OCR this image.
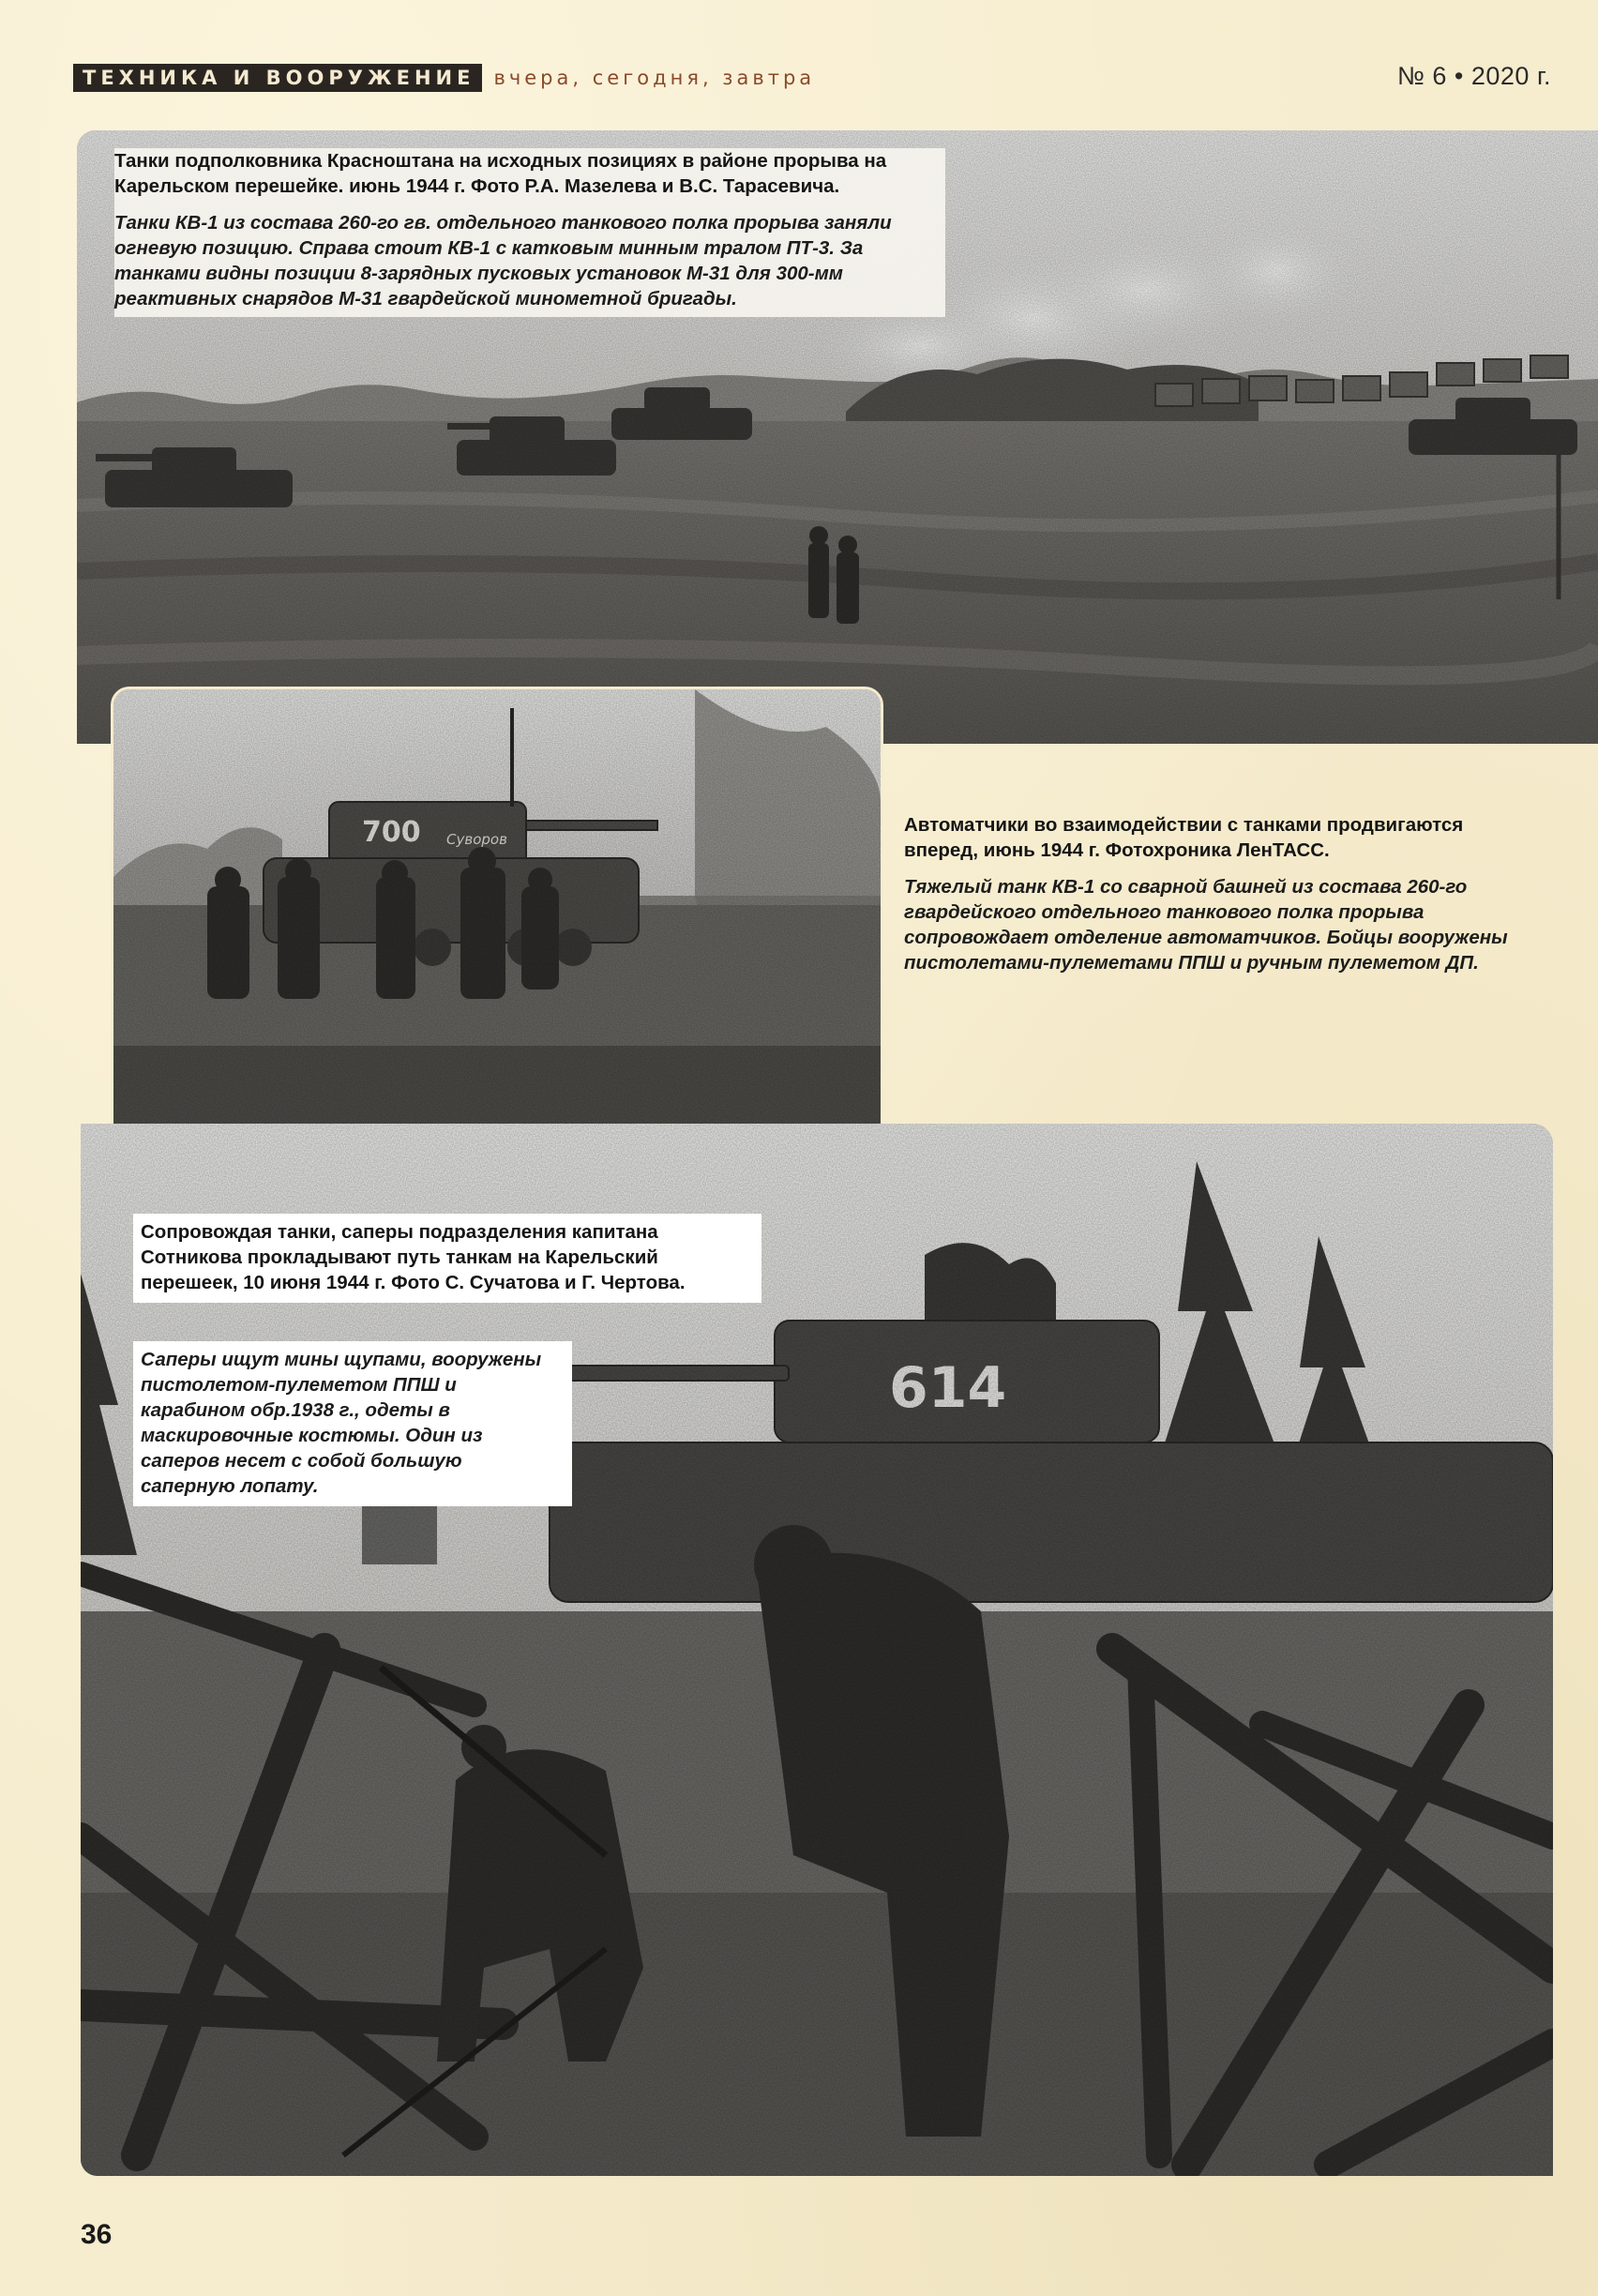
ТЕХНИКА И ВООРУЖЕНИЕ вчера, сегодня, завтра	№ 6 • 2020 г.

Танки подполковника Красноштана на исходных позициях в районе прорыва на Карельском перешейке. июнь 1944 г. Фото Р.А. Мазелева и В.С. Тарасевича.

Танки КВ-1 из состава 260-го гв. отдельного танкового полка прорыва заняли огневую позицию. Справа стоит КВ-1 с катковым минным тралом ПТ-3. За танками видны позиции 8-зарядных пусковых установок М-31 для 300-мм реактивных снарядов М-31 гвардейской минометной бригады.

Автоматчики во взаимодействии с танками продвигаются вперед, июнь 1944 г. Фотохроника ЛенТАСС.

Тяжелый танк КВ-1 со сварной башней из состава 260-го гвардейского отдельного танкового полка прорыва сопровождает отделение автоматчиков. Бойцы вооружены пистолетами-пулеметами ППШ и ручным пулеметом ДП.

Сопровождая танки, саперы подразделения капитана Сотникова прокладывают путь танкам на Карельский перешеек, 10 июня 1944 г. Фото С. Сучатова и Г. Чертова.

Саперы ищут мины щупами, вооружены пистолетом-пулеметом ППШ и карабином обр.1938 г., одеты в маскировочные костюмы. Один из саперов несет с собой большую саперную лопату.

36
